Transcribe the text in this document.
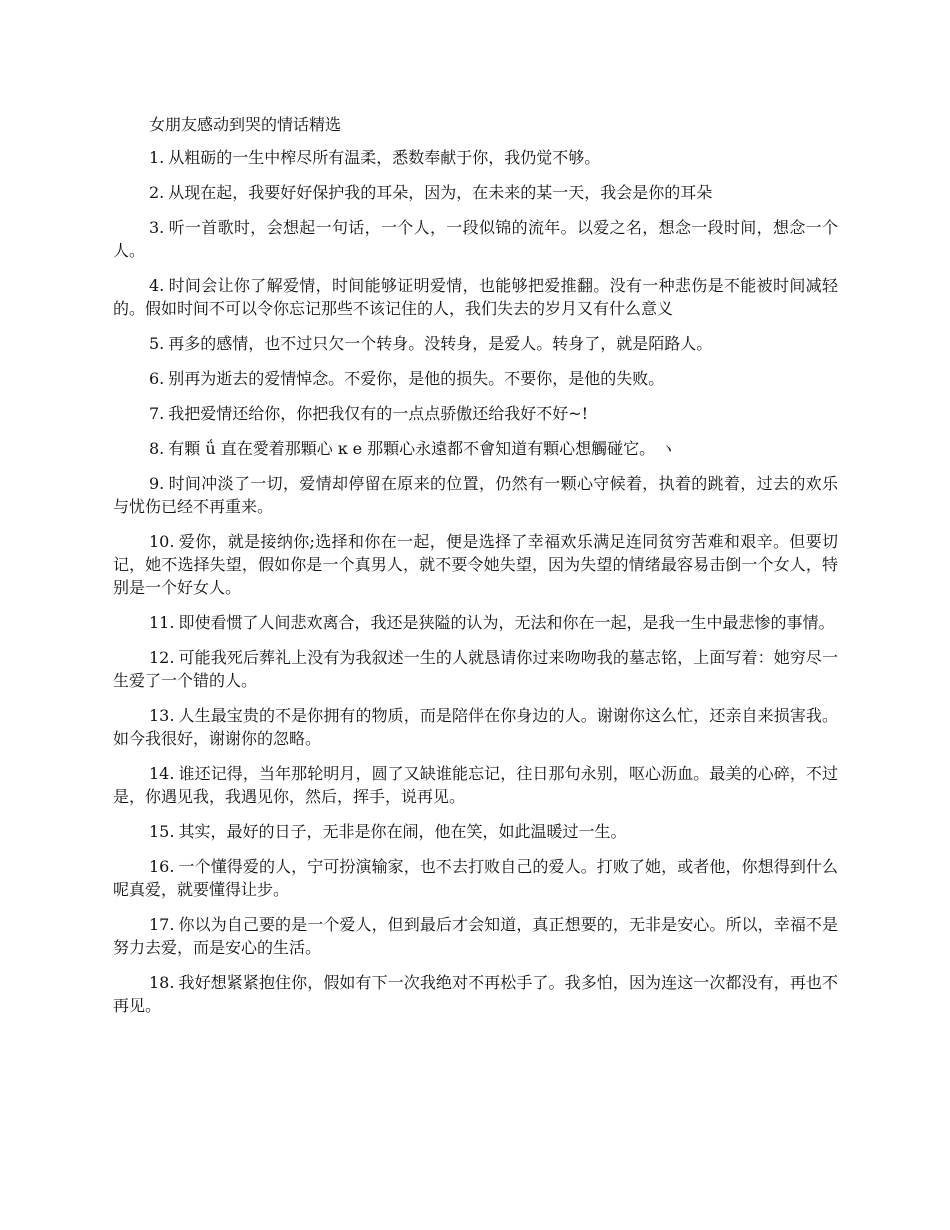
女朋友感动到哭的情话精选

1. 从粗砺的一生中榨尽所有温柔，悉数奉献于你，我仍觉不够。

2. 从现在起，我要好好保护我的耳朵，因为，在未来的某一天，我会是你的耳朵

3. 听一首歌时，会想起一句话，一个人，一段似锦的流年。以爱之名，想念一段时间，想念一个人。

4. 时间会让你了解爱情，时间能够证明爱情，也能够把爱推翻。没有一种悲伤是不能被时间减轻的。假如时间不可以令你忘记那些不该记住的人，我们失去的岁月又有什么意义

5. 再多的感情，也不过只欠一个转身。没转身，是爱人。转身了，就是陌路人。

6. 别再为逝去的爱情悼念。不爱你，是他的损失。不要你，是他的失败。

7. 我把爱情还给你，你把我仅有的一点点骄傲还给我好不好~!

8. 有顆 ǘ 直在愛着那顆心 ĸ e 那顆心永遠都不會知道有顆心想觸碰它。 ヽ

9. 时间冲淡了一切，爱情却停留在原来的位置，仍然有一颗心守候着，执着的跳着，过去的欢乐与忧伤已经不再重来。

10. 爱你，就是接纳你;选择和你在一起，便是选择了幸福欢乐满足连同贫穷苦难和艰辛。但要切记，她不选择失望，假如你是一个真男人，就不要令她失望，因为失望的情绪最容易击倒一个女人，特别是一个好女人。

11. 即使看惯了人间悲欢离合，我还是狭隘的认为，无法和你在一起，是我一生中最悲惨的事情。

12. 可能我死后葬礼上没有为我叙述一生的人就恳请你过来吻吻我的墓志铭，上面写着：她穷尽一生爱了一个错的人。

13. 人生最宝贵的不是你拥有的物质，而是陪伴在你身边的人。谢谢你这么忙，还亲自来损害我。如今我很好，谢谢你的忽略。

14. 谁还记得，当年那轮明月，圆了又缺谁能忘记，往日那句永别，呕心沥血。最美的心碎，不过是，你遇见我，我遇见你，然后，挥手，说再见。

15. 其实，最好的日子，无非是你在闹，他在笑，如此温暖过一生。

16. 一个懂得爱的人，宁可扮演输家，也不去打败自己的爱人。打败了她，或者他，你想得到什么呢真爱，就要懂得让步。

17. 你以为自己要的是一个爱人，但到最后才会知道，真正想要的，无非是安心。所以，幸福不是努力去爱，而是安心的生活。

18. 我好想紧紧抱住你，假如有下一次我绝对不再松手了。我多怕，因为连这一次都没有，再也不再见。
